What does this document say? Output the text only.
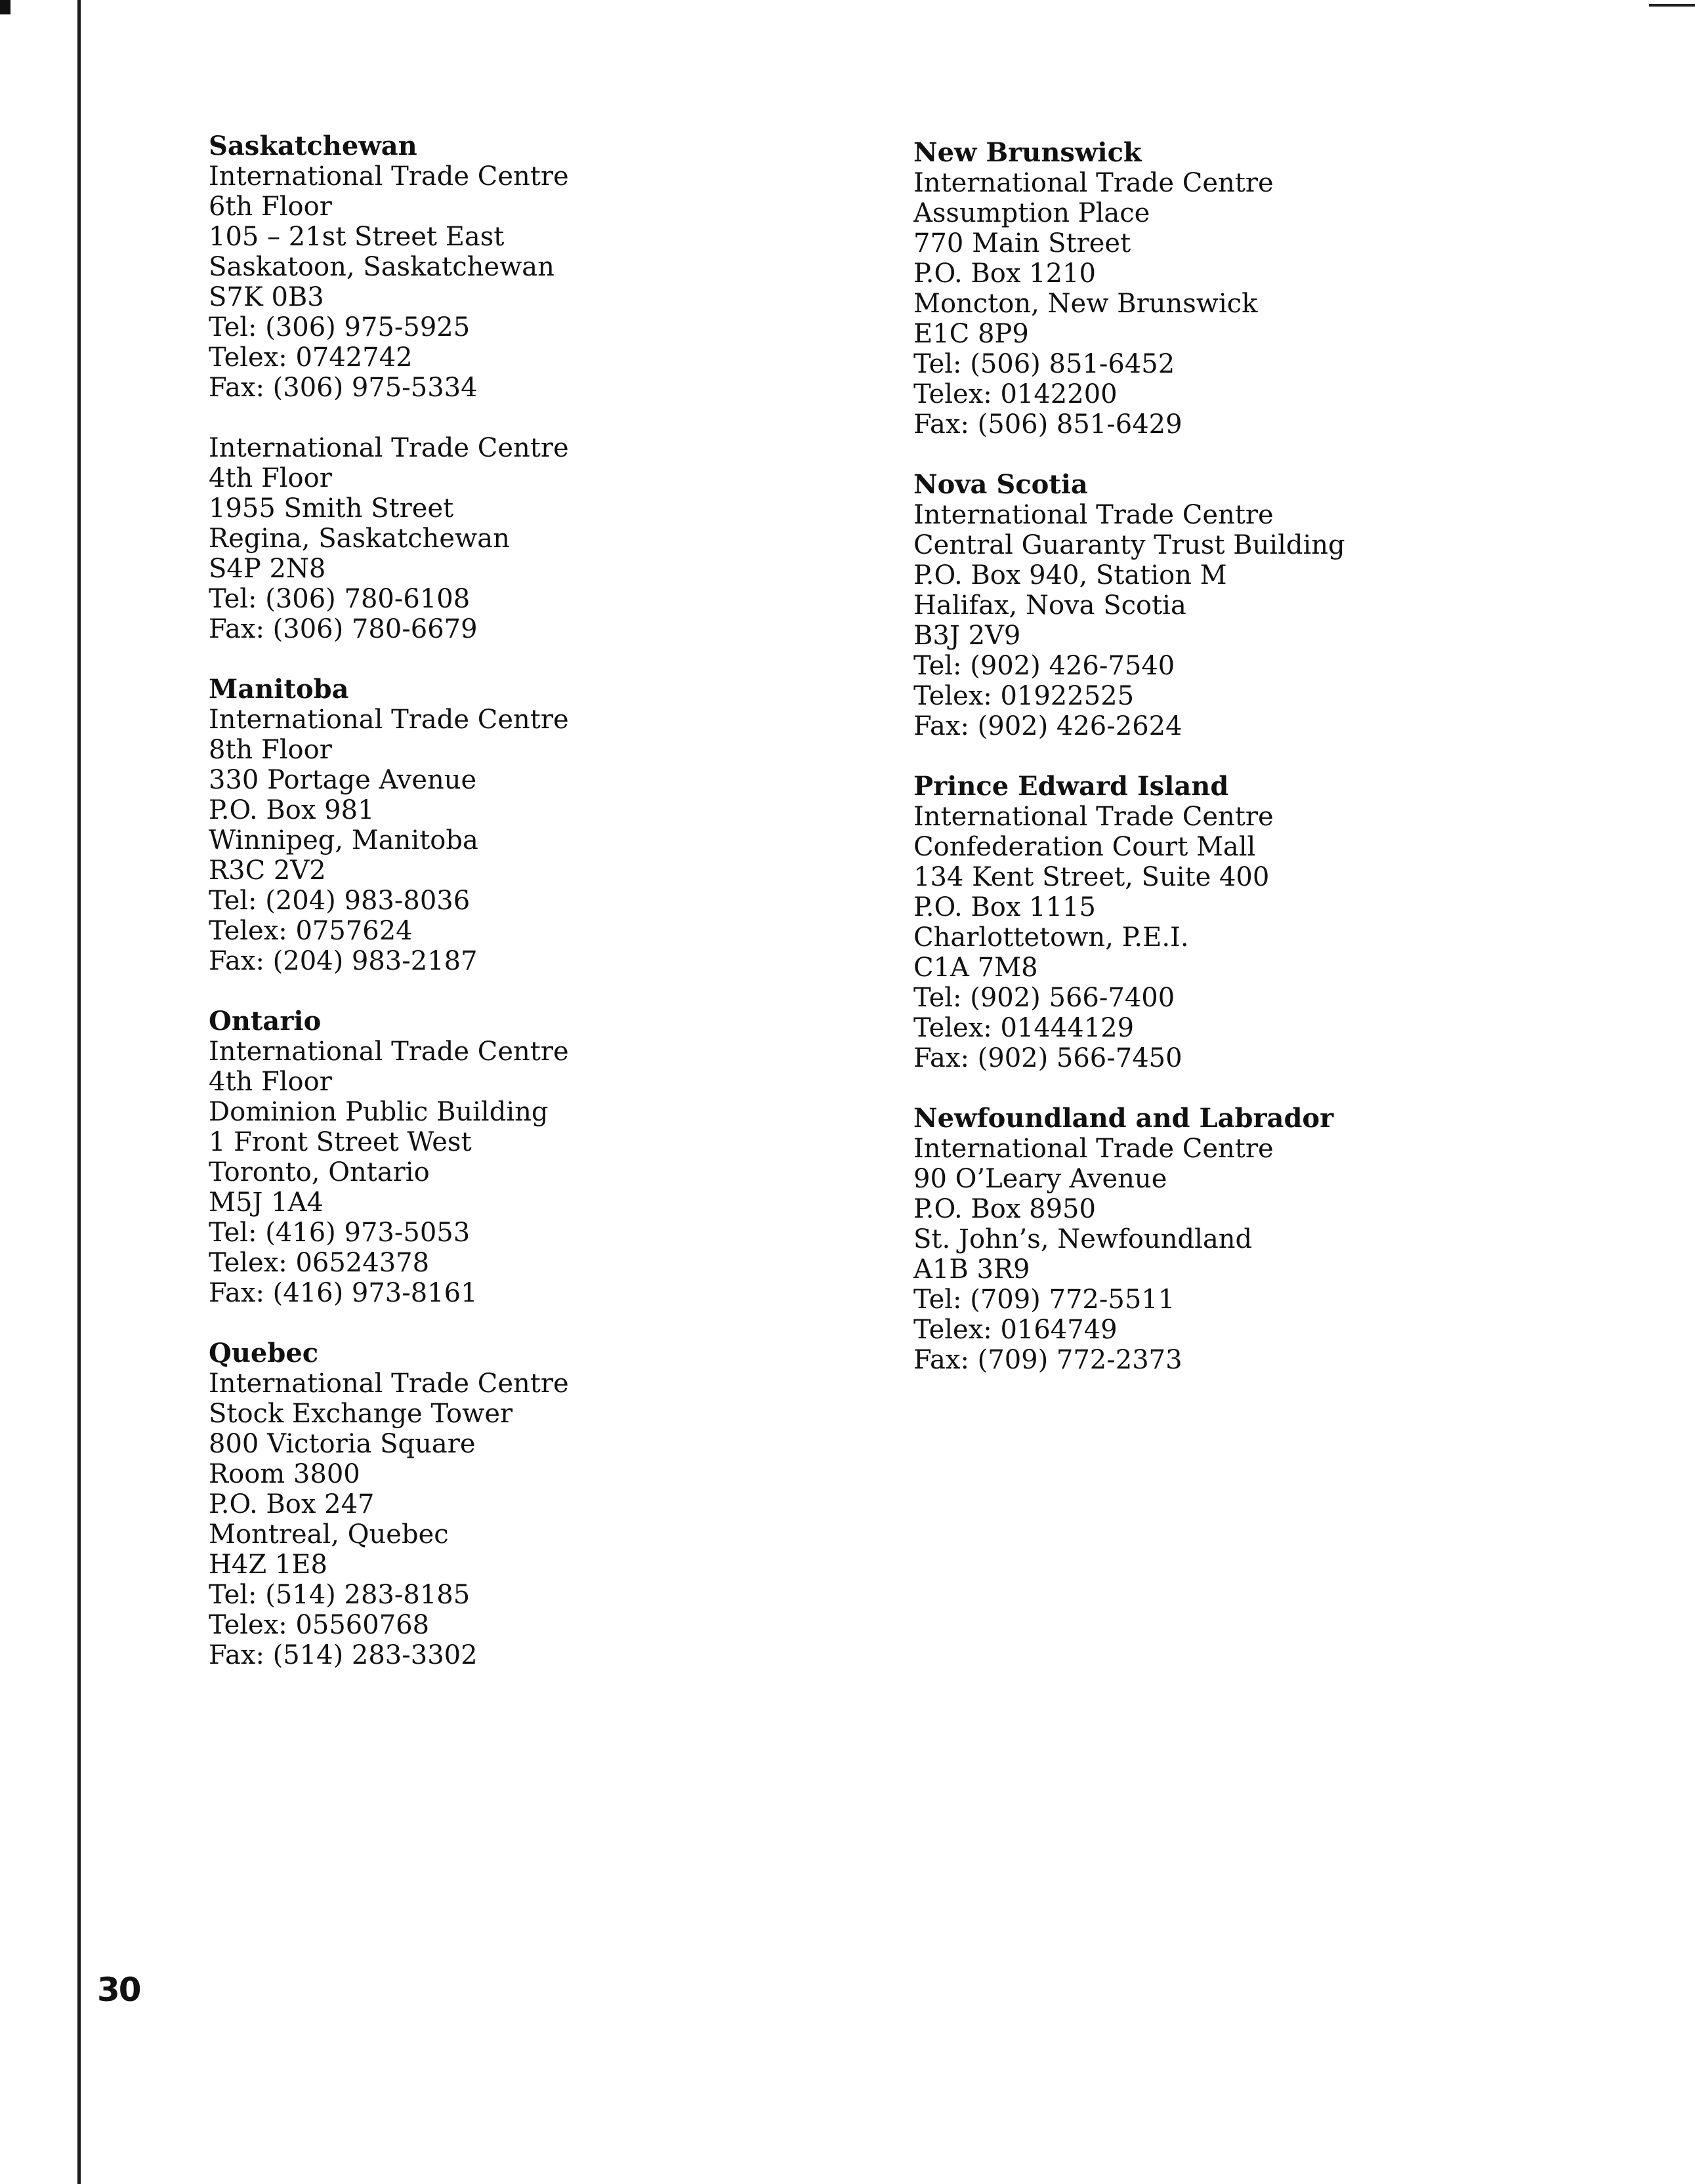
Saskatchewan
International Trade Centre
6th Floor
105 – 21st Street East
Saskatoon, Saskatchewan
S7K 0B3
Tel: (306) 975-5925
Telex: 0742742
Fax: (306) 975-5334
International Trade Centre
4th Floor
1955 Smith Street
Regina, Saskatchewan
S4P 2N8
Tel: (306) 780-6108
Fax: (306) 780-6679
Manitoba
International Trade Centre
8th Floor
330 Portage Avenue
P.O. Box 981
Winnipeg, Manitoba
R3C 2V2
Tel: (204) 983-8036
Telex: 0757624
Fax: (204) 983-2187
Ontario
International Trade Centre
4th Floor
Dominion Public Building
1 Front Street West
Toronto, Ontario
M5J 1A4
Tel: (416) 973-5053
Telex: 06524378
Fax: (416) 973-8161
Quebec
International Trade Centre
Stock Exchange Tower
800 Victoria Square
Room 3800
P.O. Box 247
Montreal, Quebec
H4Z 1E8
Tel: (514) 283-8185
Telex: 05560768
Fax: (514) 283-3302
New Brunswick
International Trade Centre
Assumption Place
770 Main Street
P.O. Box 1210
Moncton, New Brunswick
E1C 8P9
Tel: (506) 851-6452
Telex: 0142200
Fax: (506) 851-6429
Nova Scotia
International Trade Centre
Central Guaranty Trust Building
P.O. Box 940, Station M
Halifax, Nova Scotia
B3J 2V9
Tel: (902) 426-7540
Telex: 01922525
Fax: (902) 426-2624
Prince Edward Island
International Trade Centre
Confederation Court Mall
134 Kent Street, Suite 400
P.O. Box 1115
Charlottetown, P.E.I.
C1A 7M8
Tel: (902) 566-7400
Telex: 01444129
Fax: (902) 566-7450
Newfoundland and Labrador
International Trade Centre
90 O’Leary Avenue
P.O. Box 8950
St. John’s, Newfoundland
A1B 3R9
Tel: (709) 772-5511
Telex: 0164749
Fax: (709) 772-2373
30
